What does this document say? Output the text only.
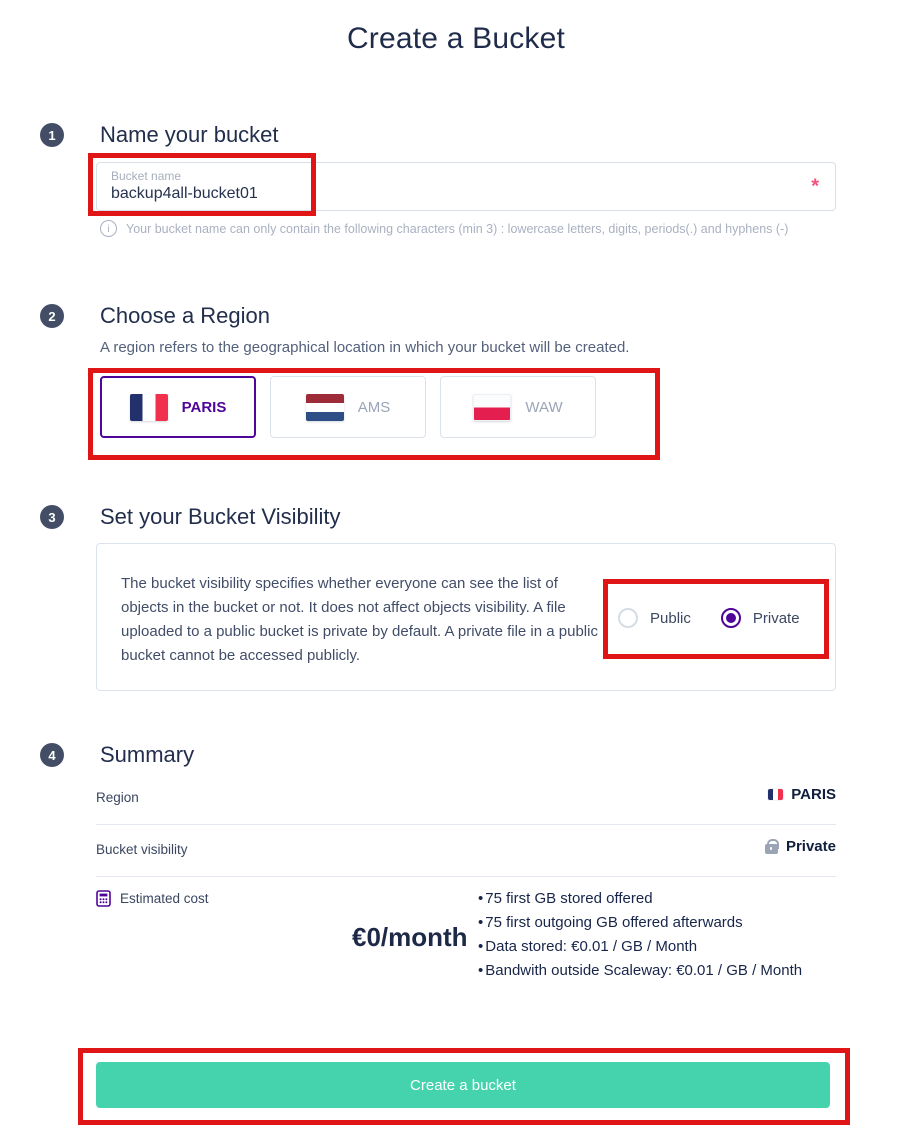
Create a Bucket
1	Name your bucket
Bucket name
backup4all-bucket01	*
i	Your bucket name can only contain the following characters (min 3) : lowercase letters, digits, periods(.) and hyphens (-)
2	Choose a Region
A region refers to the geographical location in which your bucket will be created.
PARIS	AMS	WAW
3	Set your Bucket Visibility
The bucket visibility specifies whether everyone can see the list of objects in the bucket or not. It does not affect objects visibility. A file uploaded to a public bucket is private by default. A private file in a public bucket cannot be accessed publicly.
Public	Private
4	Summary
Region	PARIS
Bucket visibility	Private
Estimated cost
€0/month
• 75 first GB stored offered
• 75 first outgoing GB offered afterwards
• Data stored: €0.01 / GB / Month
• Bandwith outside Scaleway: €0.01 / GB / Month
Create a bucket
